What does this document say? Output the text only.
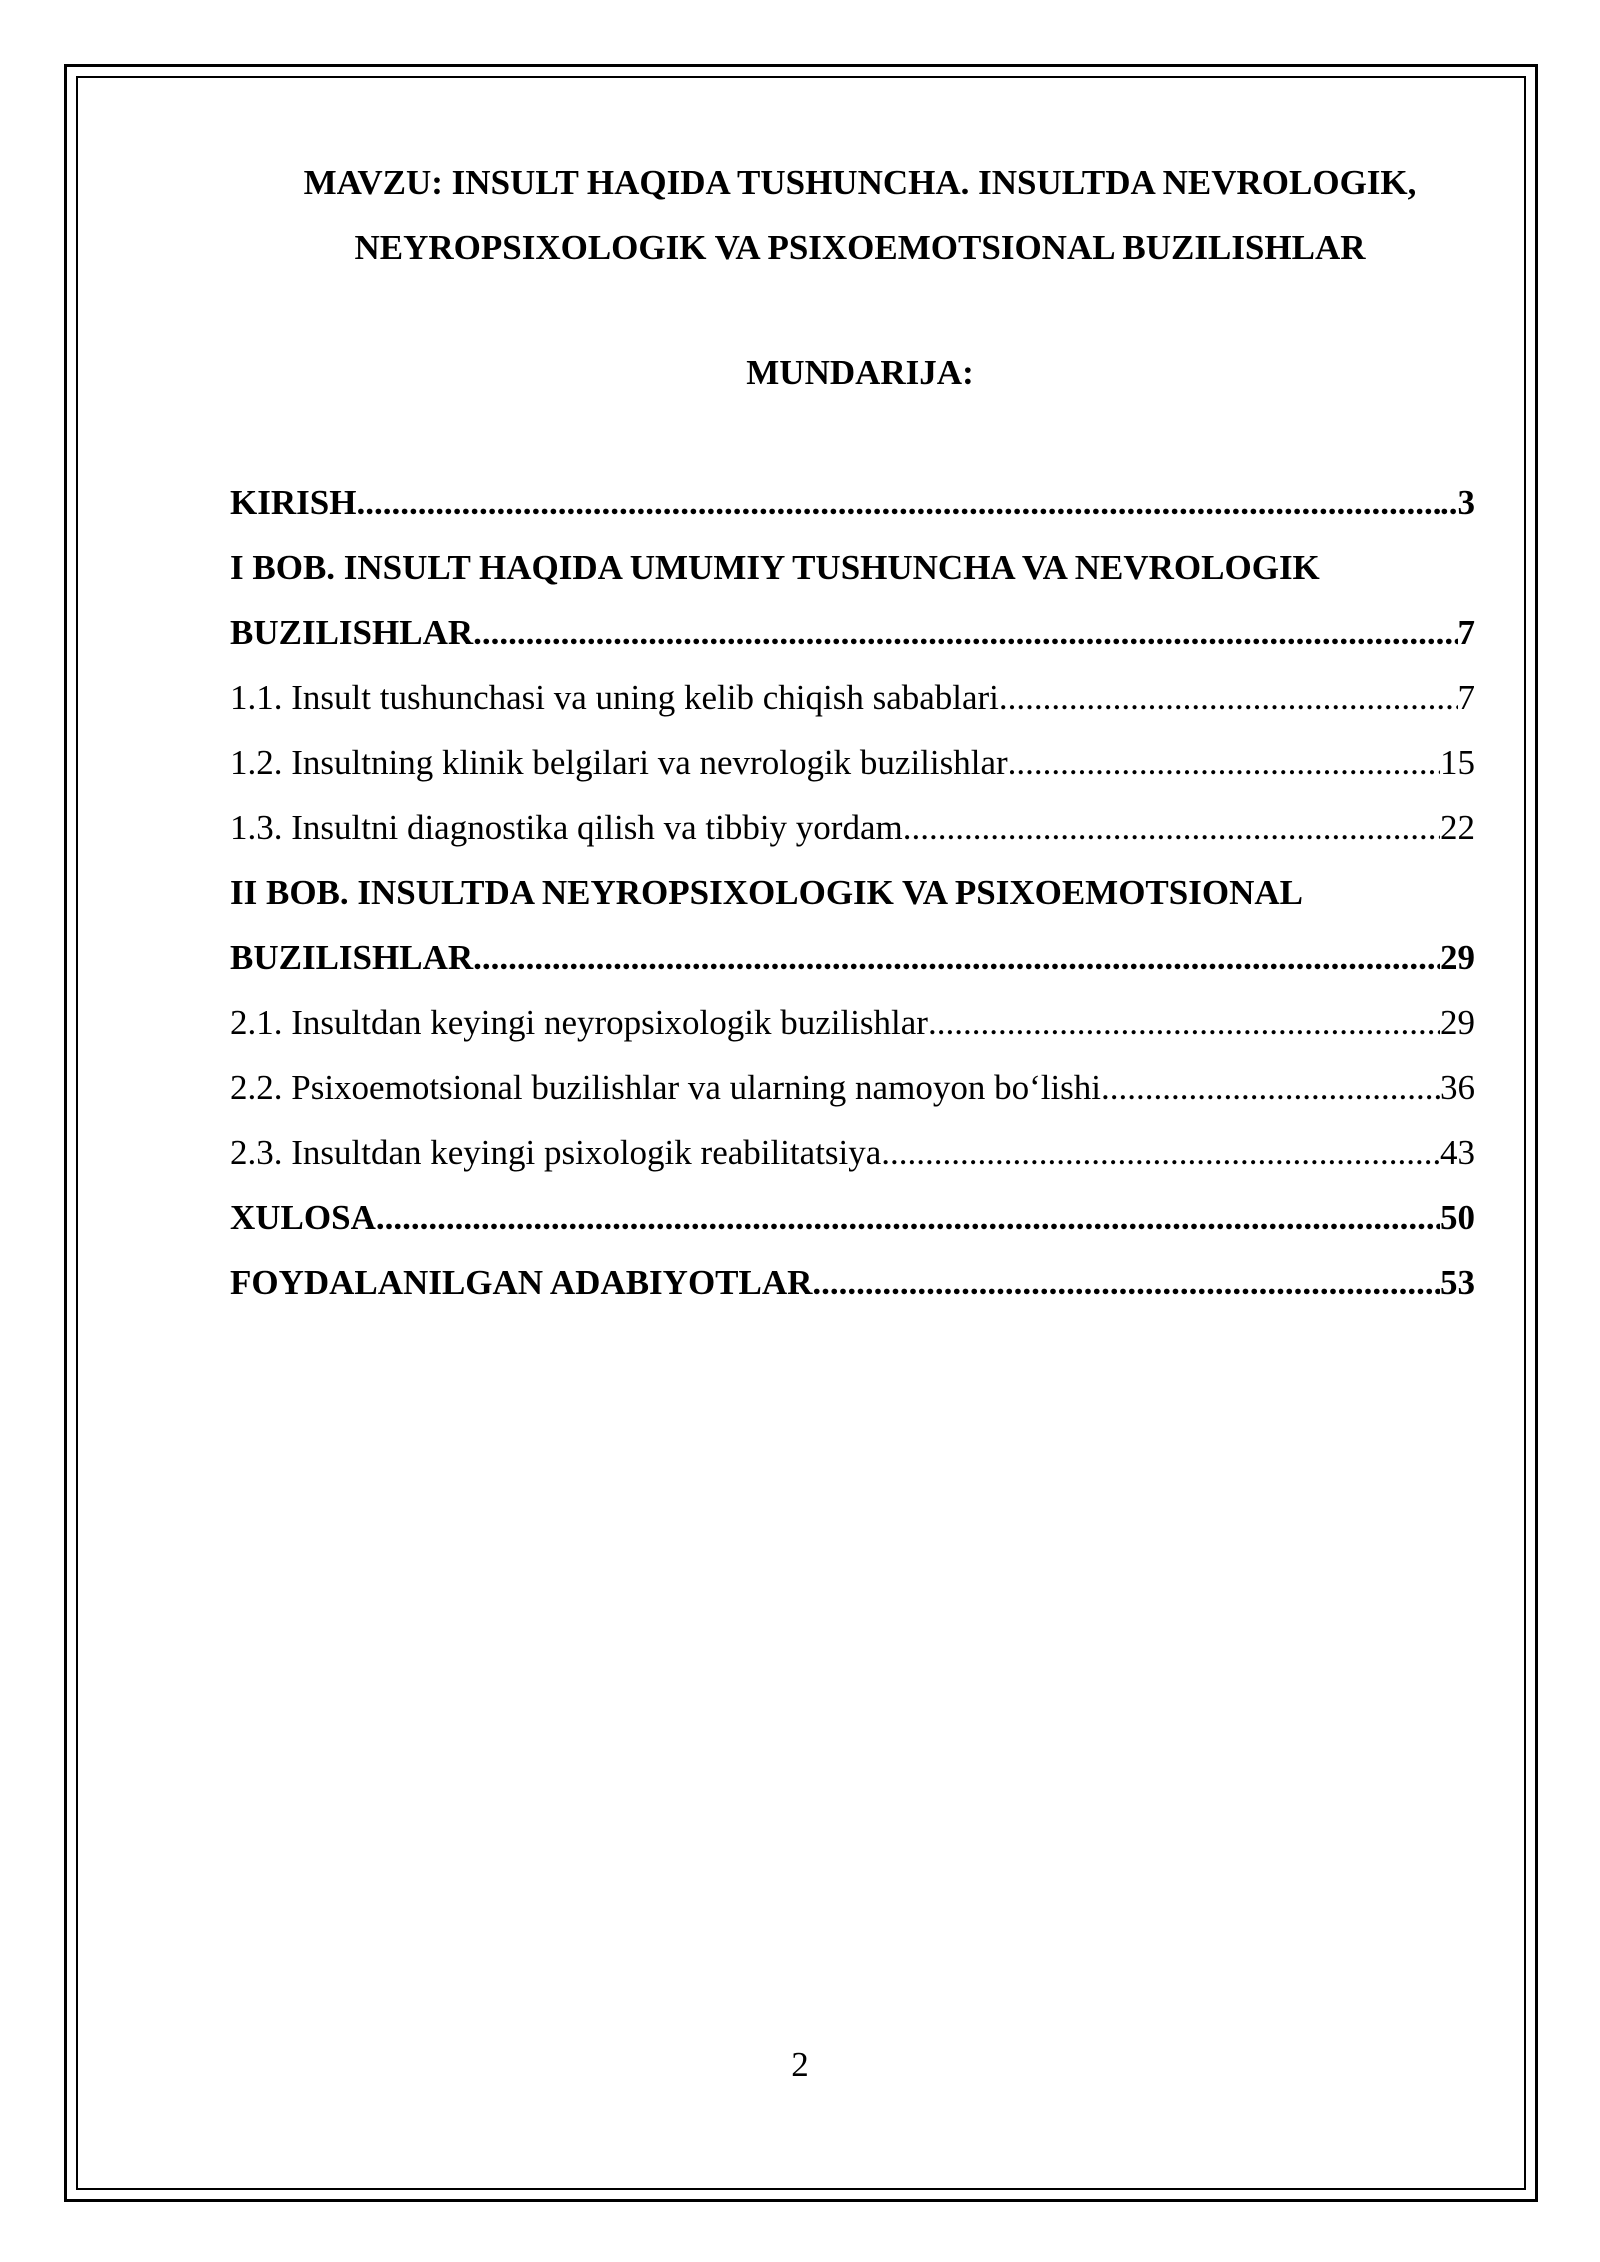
MAVZU: INSULT HAQIDA TUSHUNCHA. INSULTDA NEVROLOGIK,
NEYROPSIXOLOGIK VA PSIXOEMOTSIONAL BUZILISHLAR
MUNDARIJA:
KIRISH .....	..3
I BOB. INSULT HAQIDA UMUMIY TUSHUNCHA VA NEVROLOGIK
BUZILISHLAR .....	7
1.1. Insult tushunchasi va uning kelib chiqish sabablari .....	7
1.2. Insultning klinik belgilari va nevrologik buzilishlar .....	15
1.3. Insultni diagnostika qilish va tibbiy yordam .....	22
II BOB. INSULTDA NEYROPSIXOLOGIK VA PSIXOEMOTSIONAL
BUZILISHLAR .....	29
2.1. Insultdan keyingi neyropsixologik buzilishlar .....	29
2.2. Psixoemotsional buzilishlar va ularning namoyon bo‘lishi .....	36
2.3. Insultdan keyingi psixologik reabilitatsiya .....	43
XULOSA .....	50
FOYDALANILGAN ADABIYOTLAR .....	53
2
